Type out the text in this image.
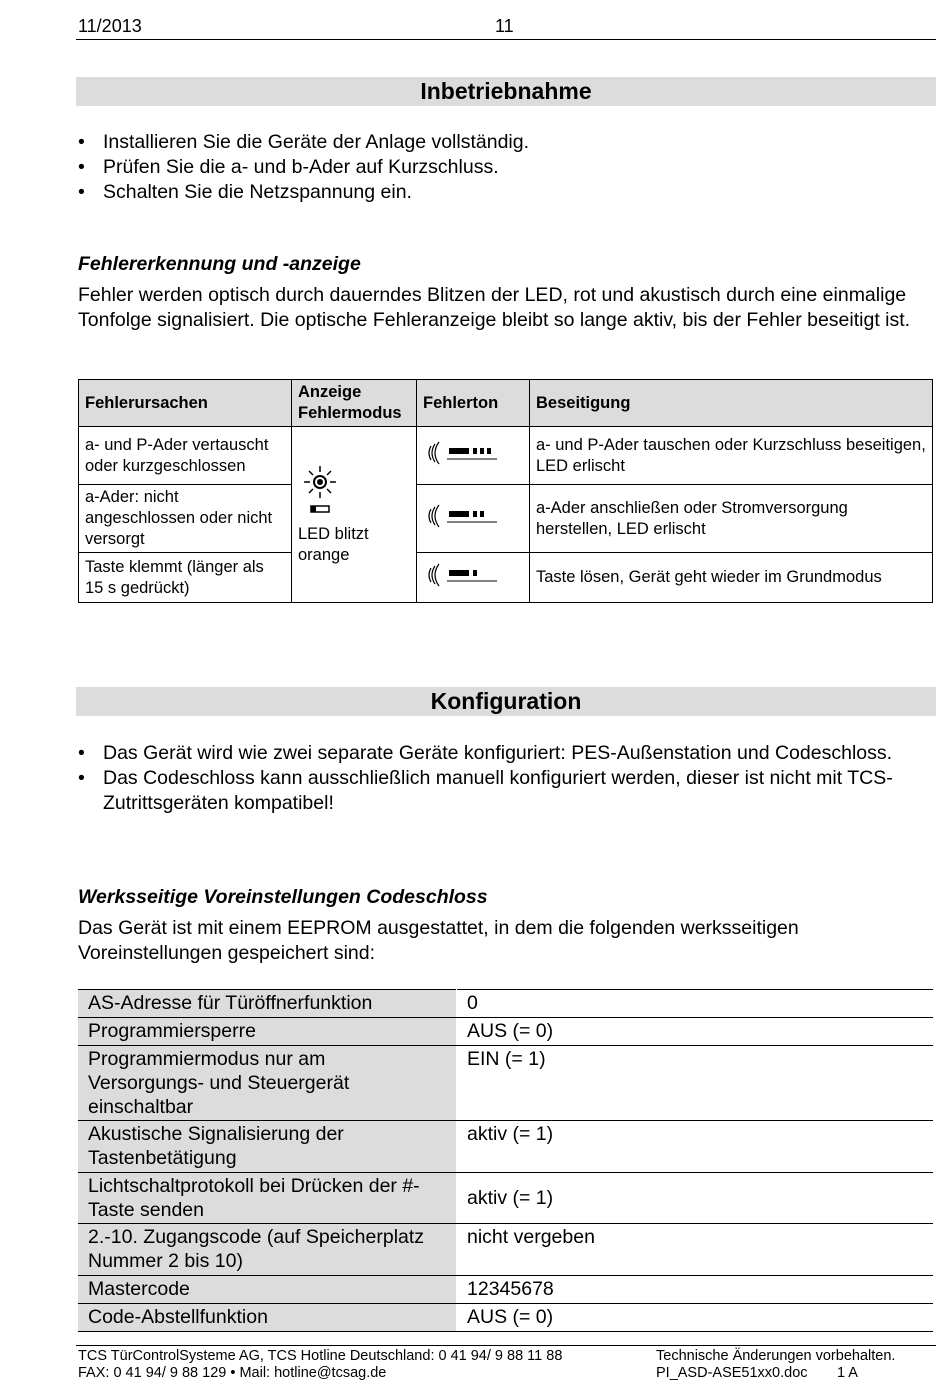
11/2013	11
Inbetriebnahme
• Installieren Sie die Geräte der Anlage vollständig.
• Prüfen Sie die a- und b-Ader auf Kurzschluss.
• Schalten Sie die Netzspannung ein.
Fehlererkennung und -anzeige
Fehler werden optisch durch dauerndes Blitzen der LED, rot und akustisch durch eine einmalige Tonfolge signalisiert. Die optische Fehleranzeige bleibt so lange aktiv, bis der Fehler beseitigt ist.
Fehlerursachen	Anzeige Fehlermodus	Fehlerton	Beseitigung
a- und P-Ader vertauscht oder kurzgeschlossen	LED blitzt orange		a- und P-Ader tauschen oder Kurzschluss beseitigen, LED erlischt
a-Ader: nicht angeschlossen oder nicht versorgt			a-Ader anschließen oder Stromversorgung herstellen, LED erlischt
Taste klemmt (länger als 15 s gedrückt)			Taste lösen, Gerät geht wieder im Grundmodus
Konfiguration
• Das Gerät wird wie zwei separate Geräte konfiguriert: PES-Außenstation und Codeschloss.
• Das Codeschloss kann ausschließlich manuell konfiguriert werden, dieser ist nicht mit TCS-Zutrittsgeräten kompatibel!
Werksseitige Voreinstellungen Codeschloss
Das Gerät ist mit einem EEPROM ausgestattet, in dem die folgenden werksseitigen Voreinstellungen gespeichert sind:
AS-Adresse für Türöffnerfunktion	0
Programmiersperre	AUS (= 0)
Programmiermodus nur am Versorgungs- und Steuergerät einschaltbar	EIN (= 1)
Akustische Signalisierung der Tastenbetätigung	aktiv (= 1)
Lichtschaltprotokoll bei Drücken der #-Taste senden	aktiv (= 1)
2.-10. Zugangscode (auf Speicherplatz Nummer 2 bis 10)	nicht vergeben
Mastercode	12345678
Code-Abstellfunktion	AUS (= 0)
TCS TürControlSysteme AG, TCS Hotline Deutschland: 0 41 94/ 9 88 11 88
FAX: 0 41 94/ 9 88 129 • Mail: hotline@tcsag.de
Technische Änderungen vorbehalten.
PI_ASD-ASE51xx0.doc 1 A
